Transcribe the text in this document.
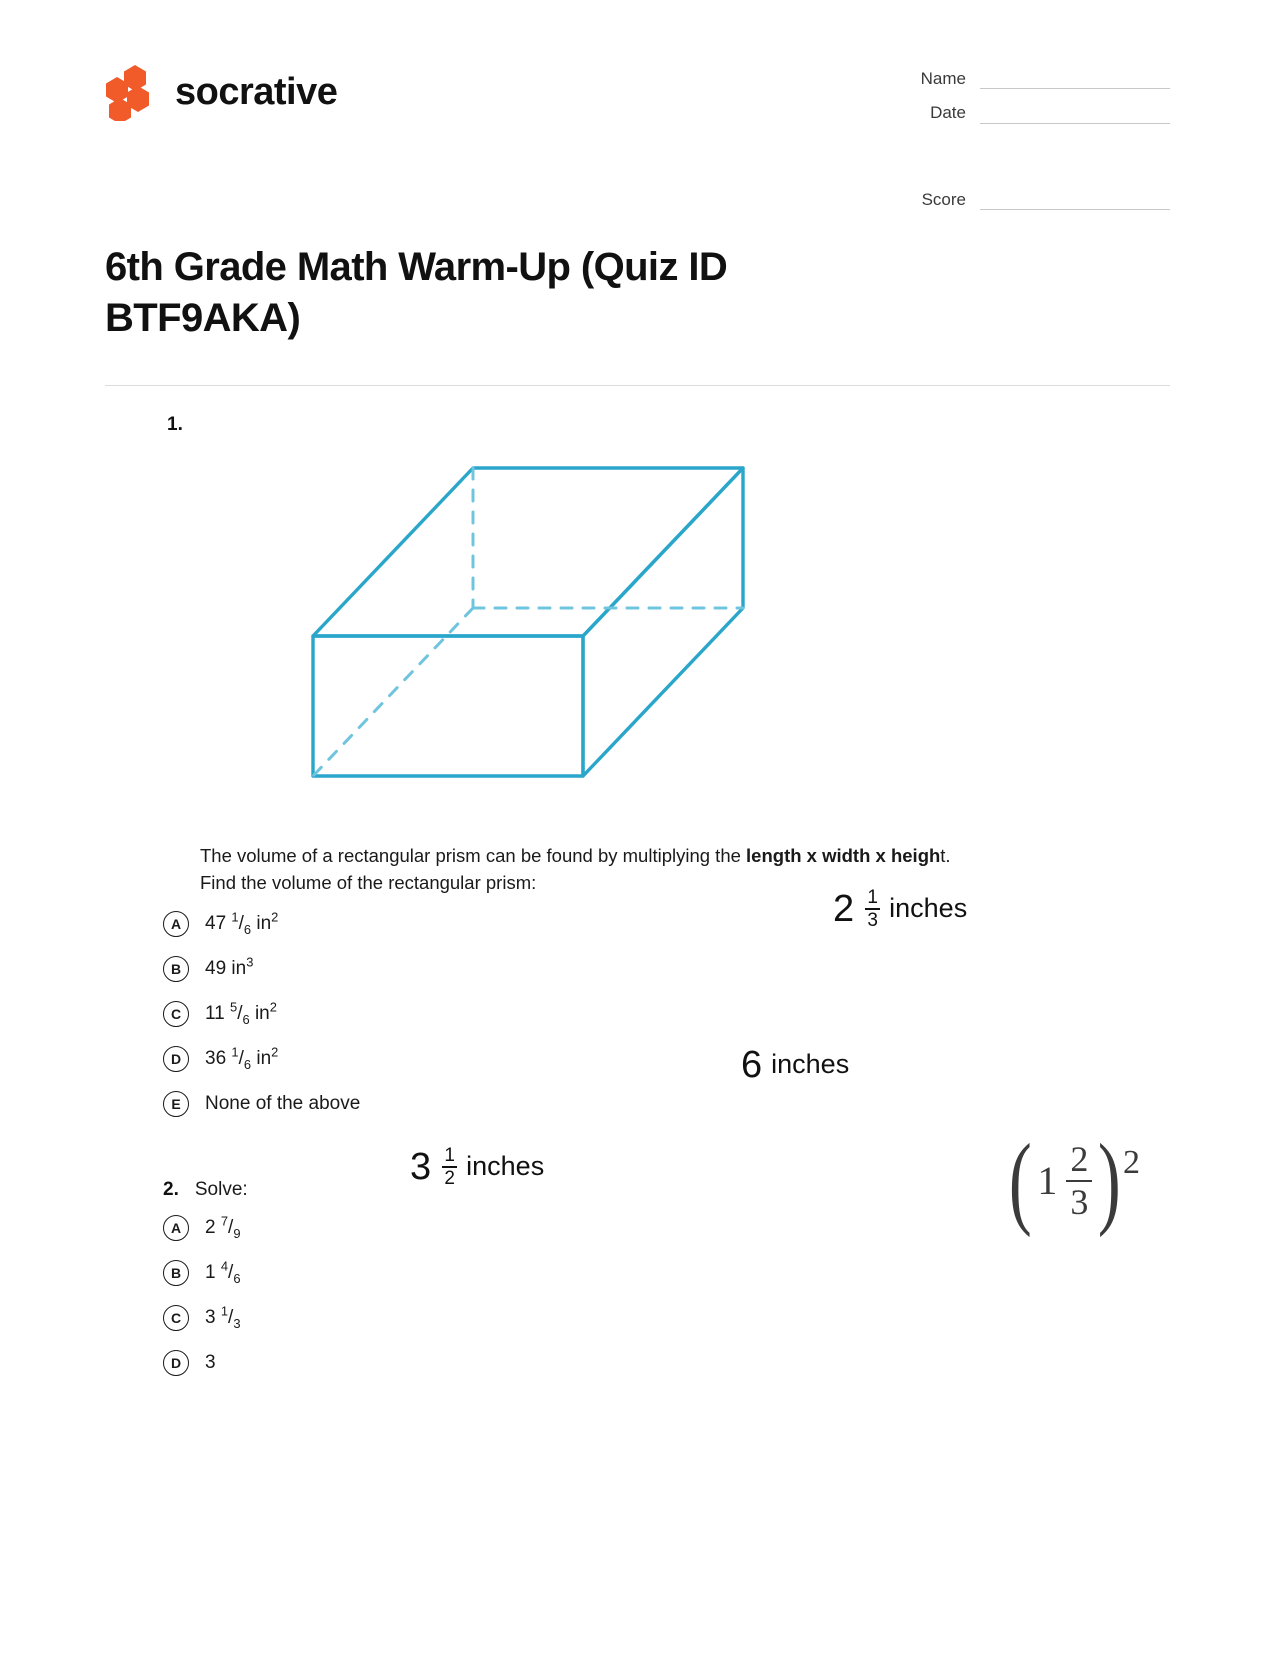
socrative	Name
Date
Score
6th Grade Math Warm-Up (Quiz ID BTF9AKA)
1.
$2 \frac{1}{3}$ inches
6 inches
$3 \frac{1}{2}$ inches
The volume of a rectangular prism can be found by multiplying the length x width x height.
Find the volume of the rectangular prism:
A	47 $^1/_6$ $in^2$
B	49 $in^3$
C	11 $^5/_6$ $in^2$
D	36 $^1/_6$ $in^2$
E	None of the above
2. Solve:
A	2 $^7/_9$
B	1 $^4/_6$
C	3 $^1/_3$
D	3
( $1 \frac{2}{3}$ ) 2
